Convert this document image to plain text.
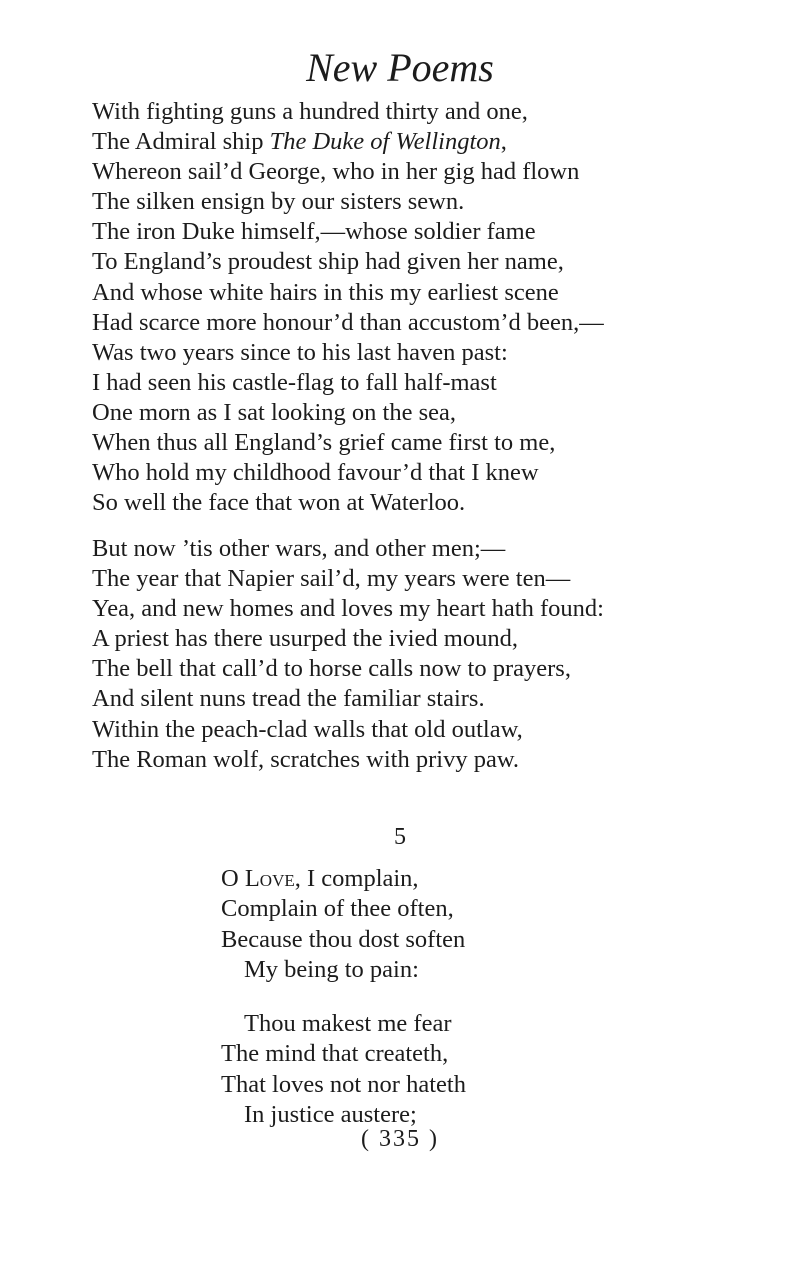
New Poems
With fighting guns a hundred thirty and one,
The Admiral ship The Duke of Wellington,
Whereon sail’d George, who in her gig had flown
The silken ensign by our sisters sewn.
The iron Duke himself,—whose soldier fame
To England’s proudest ship had given her name,
And whose white hairs in this my earliest scene
Had scarce more honour’d than accustom’d been,—
Was two years since to his last haven past:
I had seen his castle-flag to fall half-mast
One morn as I sat looking on the sea,
When thus all England’s grief came first to me,
Who hold my childhood favour’d that I knew
So well the face that won at Waterloo.
But now ’tis other wars, and other men;—
The year that Napier sail’d, my years were ten—
Yea, and new homes and loves my heart hath found:
A priest has there usurped the ivied mound,
The bell that call’d to horse calls now to prayers,
And silent nuns tread the familiar stairs.
Within the peach-clad walls that old outlaw,
The Roman wolf, scratches with privy paw.
5
O Love, I complain,
Complain of thee often,
Because thou dost soften
My being to pain:
Thou makest me fear
The mind that createth,
That loves not nor hateth
In justice austere;
( 335 )
